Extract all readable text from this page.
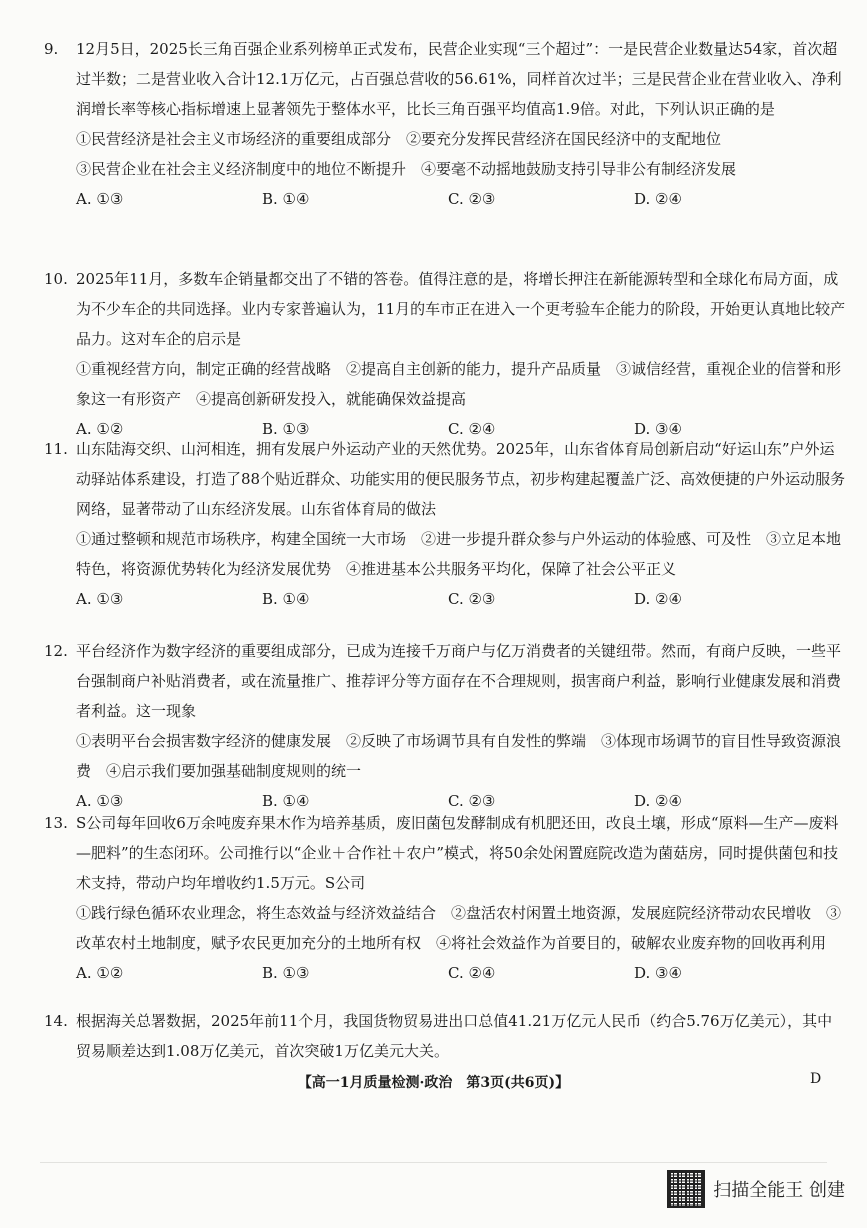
9. 12月5日，2025长三角百强企业系列榜单正式发布，民营企业实现“三个超过”：一是民营企业数量达54家，首次超过半数；二是营业收入合计12.1万亿元，占百强总营收的56.61%，同样首次过半；三是民营企业在营业收入、净利润增长率等核心指标增速上显著领先于整体水平，比长三角百强平均值高1.9倍。对此，下列认识正确的是

①民营经济是社会主义市场经济的重要组成部分　②要充分发挥民营经济在国民经济中的支配地位

③民营企业在社会主义经济制度中的地位不断提升　④要毫不动摇地鼓励支持引导非公有制经济发展

A. ①③	B. ①④	C. ②③	D. ②④

10. 2025年11月，多数车企销量都交出了不错的答卷。值得注意的是，将增长押注在新能源转型和全球化布局方面，成为不少车企的共同选择。业内专家普遍认为，11月的车市正在进入一个更考验车企能力的阶段，开始更认真地比较产品力。这对车企的启示是

①重视经营方向，制定正确的经营战略　②提高自主创新的能力，提升产品质量　③诚信经营，重视企业的信誉和形象这一有形资产　④提高创新研发投入，就能确保效益提高

A. ①②	B. ①③	C. ②④	D. ③④

11. 山东陆海交织、山河相连，拥有发展户外运动产业的天然优势。2025年，山东省体育局创新启动“好运山东”户外运动驿站体系建设，打造了88个贴近群众、功能实用的便民服务节点，初步构建起覆盖广泛、高效便捷的户外运动服务网络，显著带动了山东经济发展。山东省体育局的做法

①通过整顿和规范市场秩序，构建全国统一大市场　②进一步提升群众参与户外运动的体验感、可及性　③立足本地特色，将资源优势转化为经济发展优势　④推进基本公共服务平均化，保障了社会公平正义

A. ①③	B. ①④	C. ②③	D. ②④

12. 平台经济作为数字经济的重要组成部分，已成为连接千万商户与亿万消费者的关键纽带。然而，有商户反映，一些平台强制商户补贴消费者，或在流量推广、推荐评分等方面存在不合理规则，损害商户利益，影响行业健康发展和消费者利益。这一现象

①表明平台会损害数字经济的健康发展　②反映了市场调节具有自发性的弊端　③体现市场调节的盲目性导致资源浪费　④启示我们要加强基础制度规则的统一

A. ①③	B. ①④	C. ②③	D. ②④

13. S公司每年回收6万余吨废弃果木作为培养基质，废旧菌包发酵制成有机肥还田，改良土壤，形成“原料—生产—废料—肥料”的生态闭环。公司推行以“企业＋合作社＋农户”模式，将50余处闲置庭院改造为菌菇房，同时提供菌包和技术支持，带动户均年增收约1.5万元。S公司

①践行绿色循环农业理念，将生态效益与经济效益结合　②盘活农村闲置土地资源，发展庭院经济带动农民增收　③改革农村土地制度，赋予农民更加充分的土地所有权　④将社会效益作为首要目的，破解农业废弃物的回收再利用

A. ①②	B. ①③	C. ②④	D. ③④

14. 根据海关总署数据，2025年前11个月，我国货物贸易进出口总值41.21万亿元人民币（约合5.76万亿美元），其中贸易顺差达到1.08万亿美元，首次突破1万亿美元大关。

【高一1月质量检测·政治　第3页(共6页)】	D
扫描全能王 创建
